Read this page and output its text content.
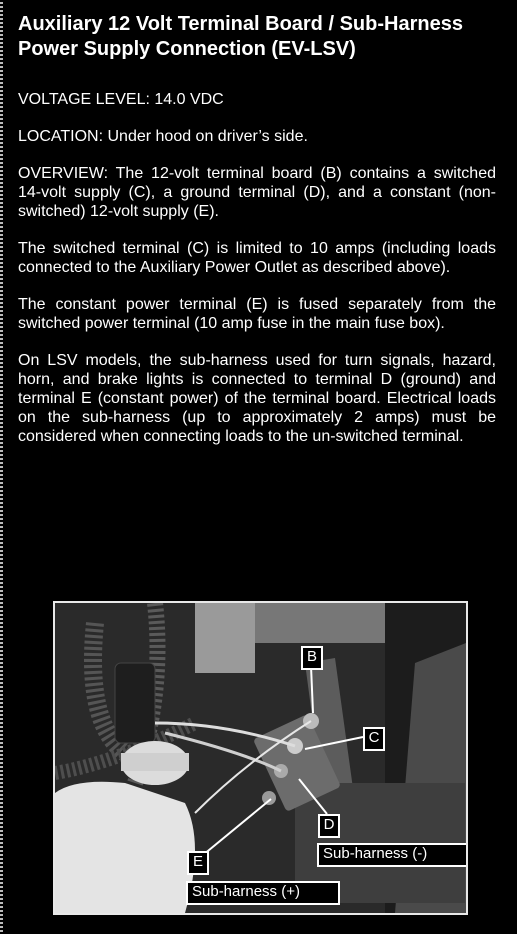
Auxiliary 12 Volt Terminal Board / Sub-Harness Power Supply Connection (EV-LSV)

VOLTAGE LEVEL: 14.0 VDC

LOCATION: Under hood on driver’s side.

OVERVIEW: The 12-volt terminal board (B) contains a switched 14-volt supply (C), a ground terminal (D), and a constant (non-switched) 12-volt supply (E).

The switched terminal (C) is limited to 10 amps (including loads connected to the Auxiliary Power Outlet as described above).

The constant power terminal (E) is fused separately from the switched power terminal (10 amp fuse in the main fuse box).

On LSV models, the sub-harness used for turn signals, hazard, horn, and brake lights is connected to terminal D (ground) and terminal E (constant power) of the terminal board. Electrical loads on the sub-harness (up to approximately 2 amps) must be considered when connecting loads to the un-switched terminal.

B
C
D
E	Sub-harness (-)
Sub-harness (+)
